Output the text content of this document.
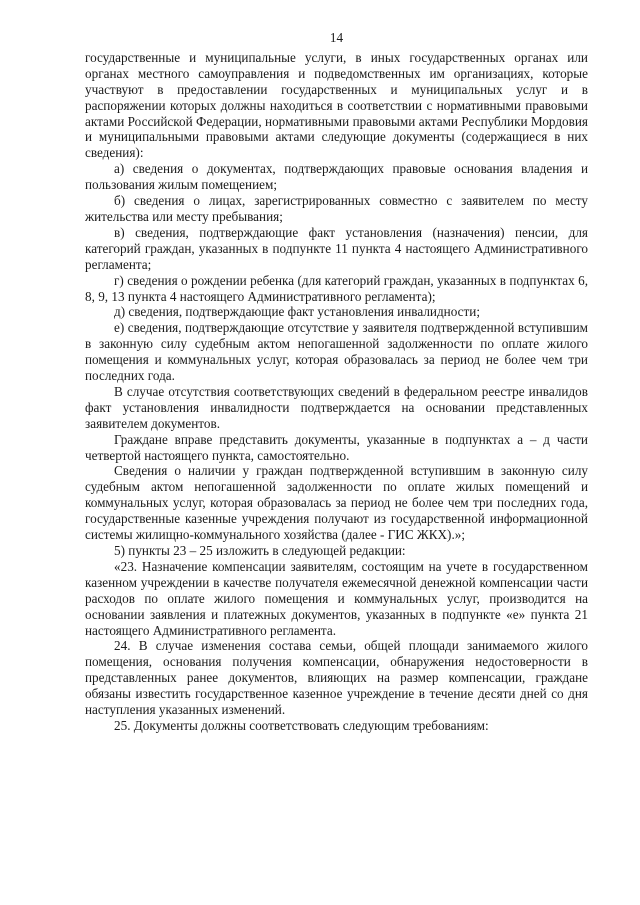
14

государственные и муниципальные услуги, в иных государственных органах или органах местного самоуправления и подведомственных им организациях, которые участвуют в предоставлении государственных и муниципальных услуг и в распоряжении которых должны находиться в соответствии с нормативными правовыми актами Российской Федерации, нормативными правовыми актами Республики Мордовия и муниципальными правовыми актами следующие документы (содержащиеся в них сведения):

а) сведения о документах, подтверждающих правовые основания владения и пользования жилым помещением;

б) сведения о лицах, зарегистрированных совместно с заявителем по месту жительства или месту пребывания;

в) сведения, подтверждающие факт установления (назначения) пенсии, для категорий граждан, указанных в подпункте 11 пункта 4 настоящего Административного регламента;

г) сведения о рождении ребенка (для категорий граждан, указанных в подпунктах 6, 8, 9, 13 пункта 4 настоящего Административного регламента);

д) сведения, подтверждающие факт установления инвалидности;

е) сведения, подтверждающие отсутствие у заявителя подтвержденной вступившим в законную силу судебным актом непогашенной задолженности по оплате жилого помещения и коммунальных услуг, которая образовалась за период не более чем три последних года.

В случае отсутствия соответствующих сведений в федеральном реестре инвалидов факт установления инвалидности подтверждается на основании представленных заявителем документов.

Граждане вправе представить документы, указанные в подпунктах а – д части четвертой настоящего пункта, самостоятельно.

Сведения о наличии у граждан подтвержденной вступившим в законную силу судебным актом непогашенной задолженности по оплате жилых помещений и коммунальных услуг, которая образовалась за период не более чем три последних года, государственные казенные учреждения получают из государственной информационной системы жилищно-коммунального хозяйства (далее - ГИС ЖКХ).»;

5) пункты 23 – 25 изложить в следующей редакции:

«23. Назначение компенсации заявителям, состоящим на учете в государственном казенном учреждении в качестве получателя ежемесячной денежной компенсации части расходов по оплате жилого помещения и коммунальных услуг, производится на основании заявления и платежных документов, указанных в подпункте «е» пункта 21 настоящего Административного регламента.

24. В случае изменения состава семьи, общей площади занимаемого жилого помещения, основания получения компенсации, обнаружения недостоверности в представленных ранее документов, влияющих на размер компенсации, граждане обязаны известить государственное казенное учреждение в течение десяти дней со дня наступления указанных изменений.

25. Документы должны соответствовать следующим требованиям:
